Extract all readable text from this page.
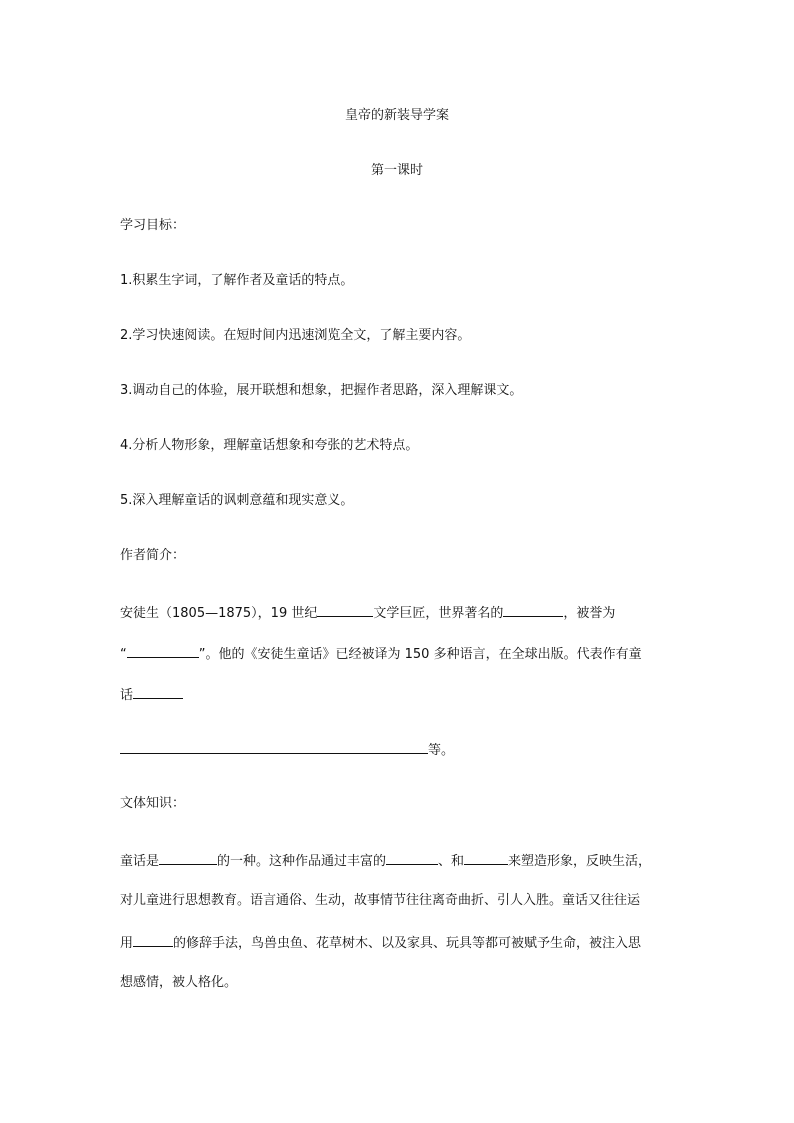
皇帝的新装导学案
第一课时
学习目标：
1.积累生字词，了解作者及童话的特点。
2.学习快速阅读。在短时间内迅速浏览全文，了解主要内容。
3.调动自己的体验，展开联想和想象，把握作者思路，深入理解课文。
4.分析人物形象，理解童话想象和夸张的艺术特点。
5.深入理解童话的讽刺意蕴和现实意义。
作者简介：
安徒生（1805—1875），19 世纪	文学巨匠，世界著名的	，被誉为
“	”。他的《安徒生童话》已经被译为 150 多种语言，在全球出版。代表作有童
话
等。
文体知识：
童话是	的一种。这种作品通过丰富的	、和	来塑造形象，反映生活，
对儿童进行思想教育。语言通俗、生动，故事情节往往离奇曲折、引人入胜。童话又往往运
用	的修辞手法，鸟兽虫鱼、花草树木、以及家具、玩具等都可被赋予生命，被注入思
想感情，被人格化。
